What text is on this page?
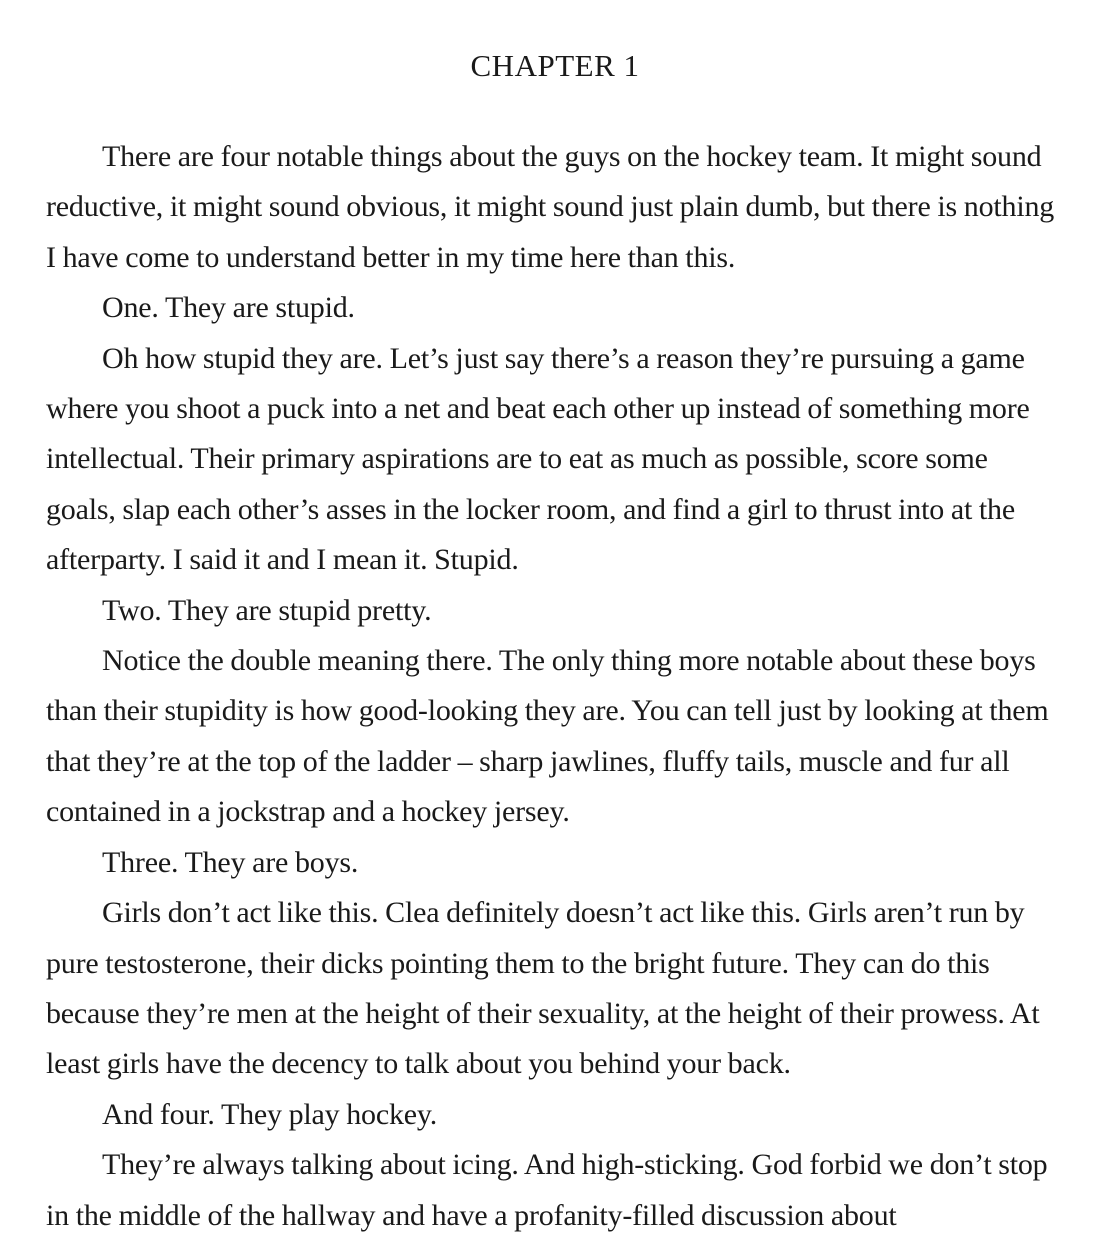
CHAPTER 1

There are four notable things about the guys on the hockey team. It might sound reductive, it might sound obvious, it might sound just plain dumb, but there is nothing I have come to understand better in my time here than this.

One. They are stupid.

Oh how stupid they are. Let’s just say there’s a reason they’re pursuing a game where you shoot a puck into a net and beat each other up instead of something more intellectual. Their primary aspirations are to eat as much as possible, score some goals, slap each other’s asses in the locker room, and find a girl to thrust into at the afterparty. I said it and I mean it. Stupid.

Two. They are stupid pretty.

Notice the double meaning there. The only thing more notable about these boys than their stupidity is how good-looking they are. You can tell just by looking at them that they’re at the top of the ladder – sharp jawlines, fluffy tails, muscle and fur all contained in a jockstrap and a hockey jersey.

Three. They are boys.

Girls don’t act like this. Clea definitely doesn’t act like this. Girls aren’t run by pure testosterone, their dicks pointing them to the bright future. They can do this because they’re men at the height of their sexuality, at the height of their prowess. At least girls have the decency to talk about you behind your back.

And four. They play hockey.

They’re always talking about icing. And high-sticking. God forbid we don’t stop in the middle of the hallway and have a profanity-filled discussion about
